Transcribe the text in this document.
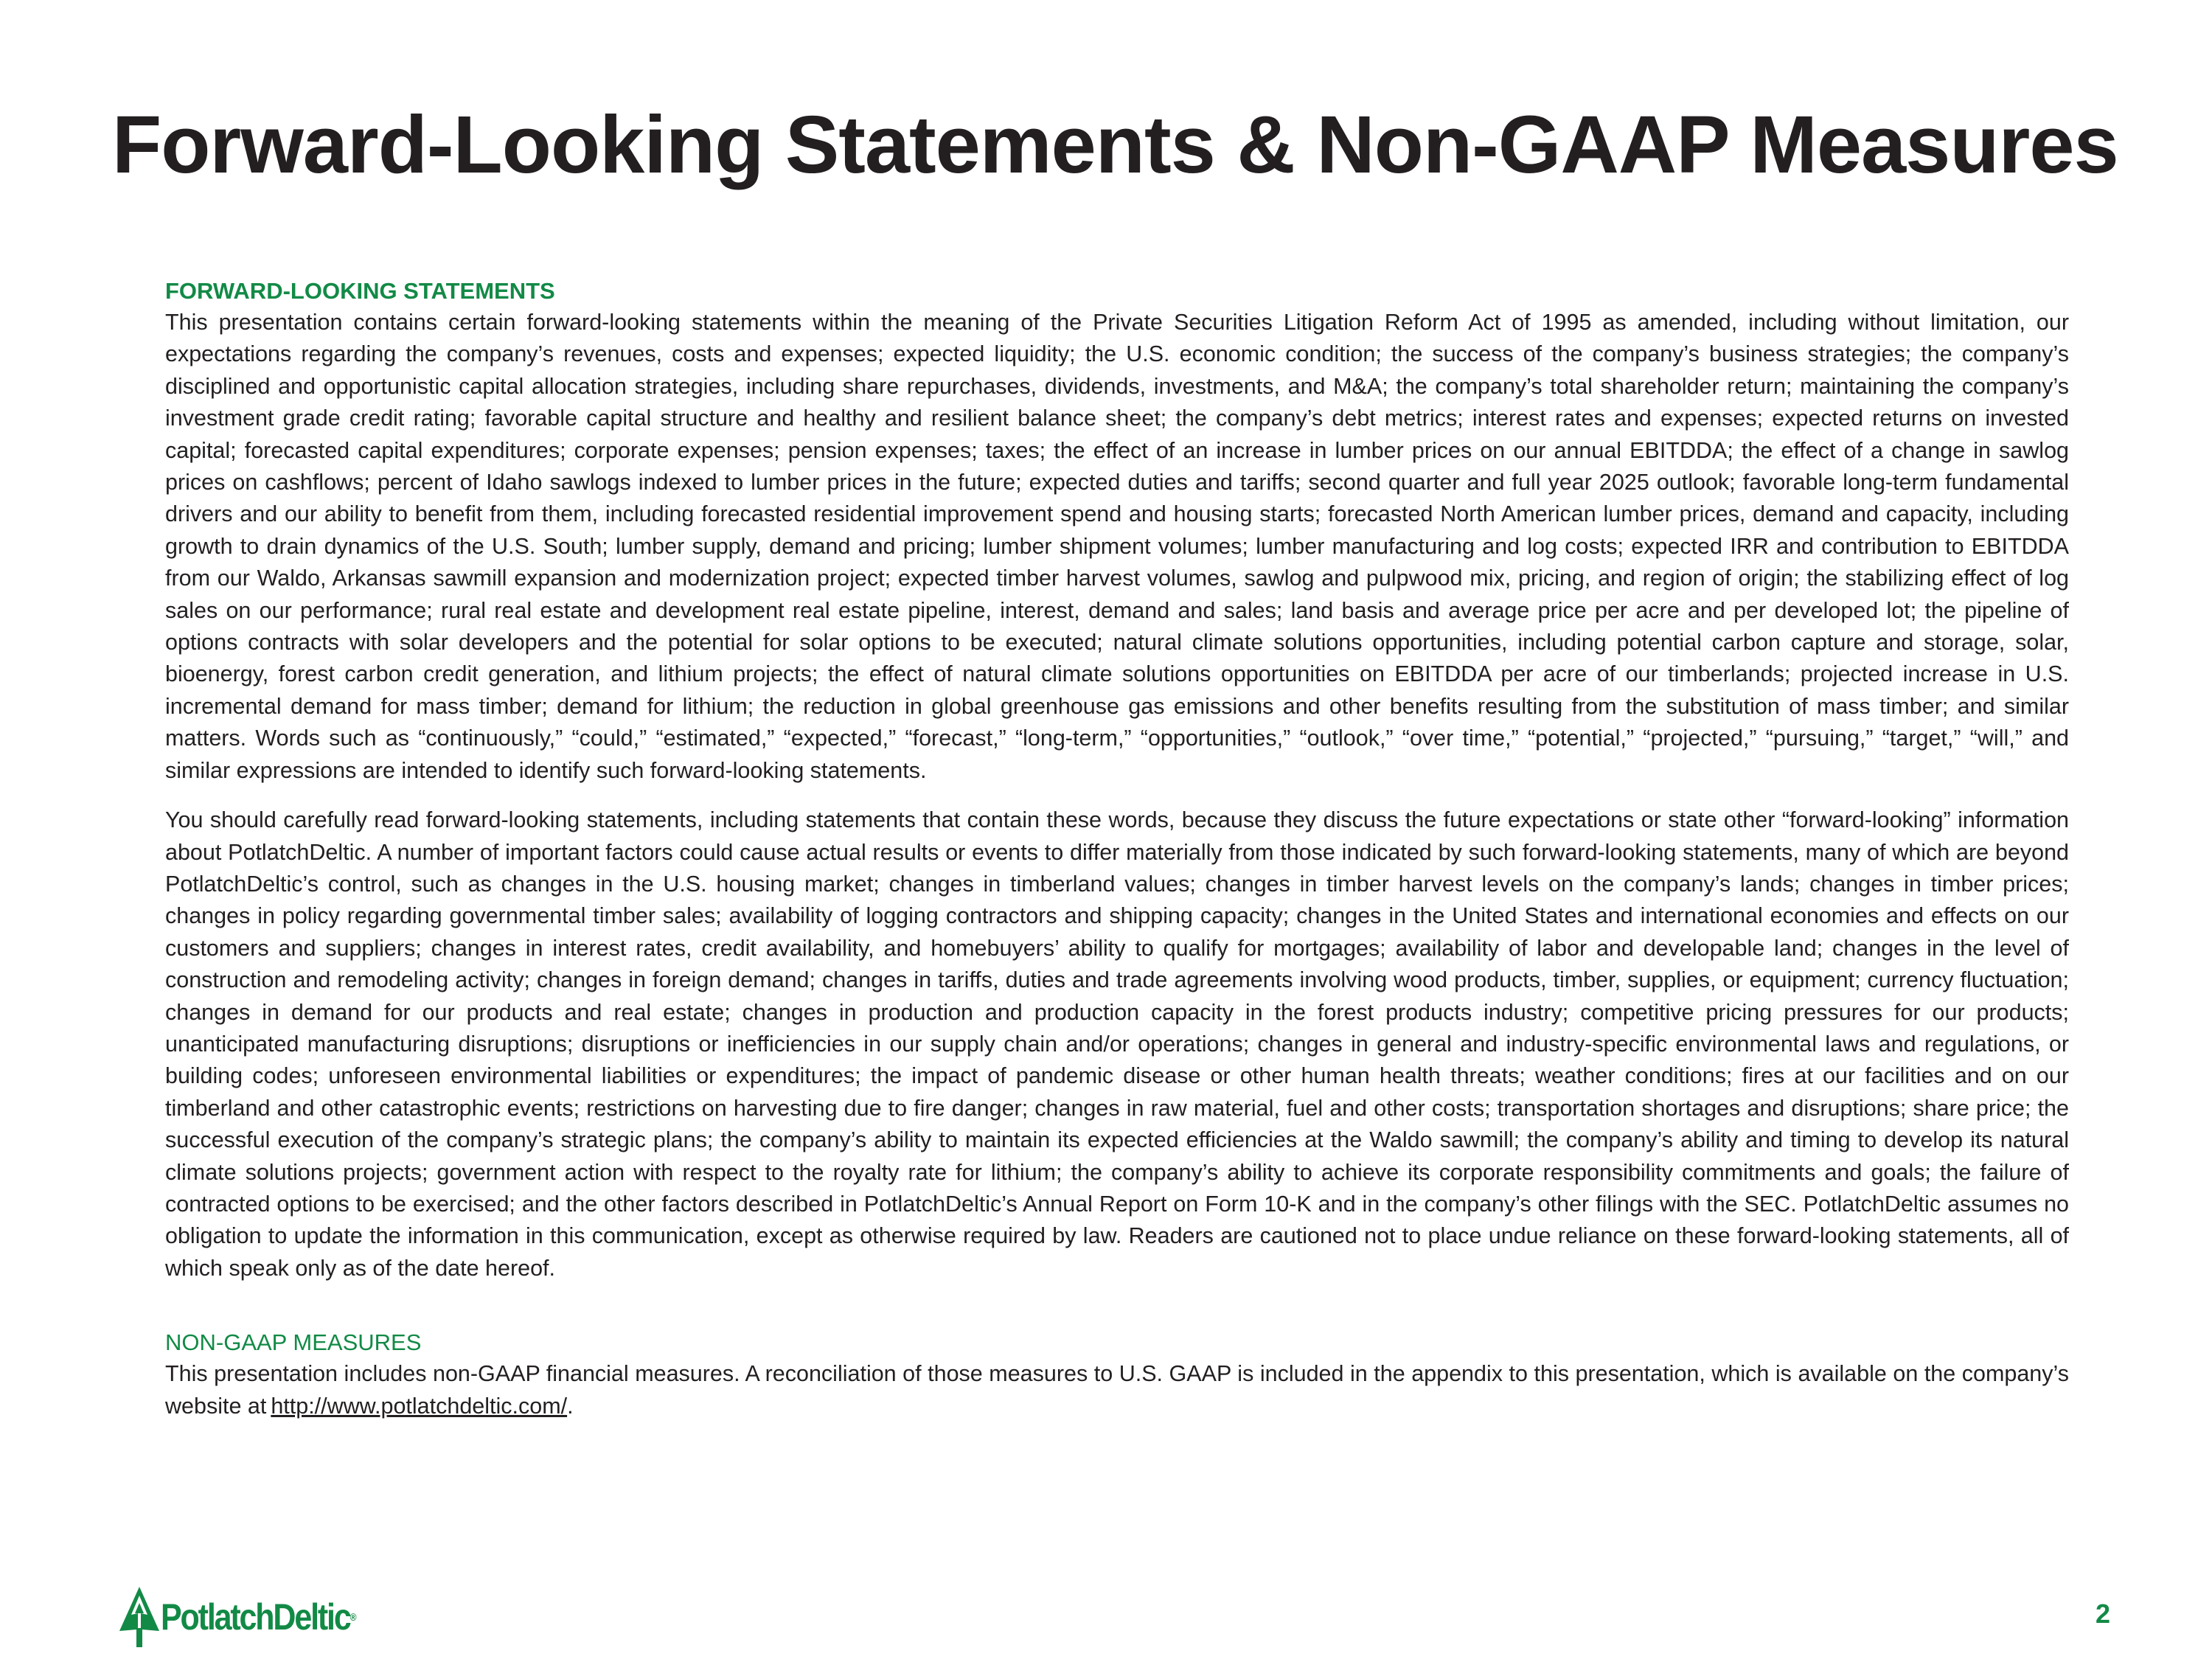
Forward-Looking Statements & Non-GAAP Measures
FORWARD-LOOKING STATEMENTS

This presentation contains certain forward-looking statements within the meaning of the Private Securities Litigation Reform Act of 1995 as amended, including without limitation, our expectations regarding the company’s revenues, costs and expenses; expected liquidity; the U.S. economic condition; the success of the company’s business strategies; the company’s disciplined and opportunistic capital allocation strategies, including share repurchases, dividends, investments, and M&A; the company’s total shareholder return; maintaining the company’s investment grade credit rating; favorable capital structure and healthy and resilient balance sheet; the company’s debt metrics; interest rates and expenses; expected returns on invested capital; forecasted capital expenditures; corporate expenses; pension expenses; taxes; the effect of an increase in lumber prices on our annual EBITDDA; the effect of a change in sawlog prices on cashflows; percent of Idaho sawlogs indexed to lumber prices in the future; expected duties and tariffs; second quarter and full year 2025 outlook; favorable long-term fundamental drivers and our ability to benefit from them, including forecasted residential improvement spend and housing starts; forecasted North American lumber prices, demand and capacity, including growth to drain dynamics of the U.S. South; lumber supply, demand and pricing; lumber shipment volumes; lumber manufacturing and log costs; expected IRR and contribution to EBITDDA from our Waldo, Arkansas sawmill expansion and modernization project; expected timber harvest volumes, sawlog and pulpwood mix, pricing, and region of origin; the stabilizing effect of log sales on our performance; rural real estate and development real estate pipeline, interest, demand and sales; land basis and average price per acre and per developed lot; the pipeline of options contracts with solar developers and the potential for solar options to be executed; natural climate solutions opportunities, including potential carbon capture and storage, solar, bioenergy, forest carbon credit generation, and lithium projects; the effect of natural climate solutions opportunities on EBITDDA per acre of our timberlands; projected increase in U.S. incremental demand for mass timber; demand for lithium; the reduction in global greenhouse gas emissions and other benefits resulting from the substitution of mass timber; and similar matters. Words such as “continuously,” “could,” “estimated,” “expected,” “forecast,” “long-term,” “opportunities,” “outlook,” “over time,” “potential,” “projected,” “pursuing,” “target,” “will,” and similar expressions are intended to identify such forward-looking statements.

You should carefully read forward-looking statements, including statements that contain these words, because they discuss the future expectations or state other “forward-looking” information about PotlatchDeltic. A number of important factors could cause actual results or events to differ materially from those indicated by such forward-looking statements, many of which are beyond PotlatchDeltic’s control, such as changes in the U.S. housing market; changes in timberland values; changes in timber harvest levels on the company’s lands; changes in timber prices; changes in policy regarding governmental timber sales; availability of logging contractors and shipping capacity; changes in the United States and international economies and effects on our customers and suppliers; changes in interest rates, credit availability, and homebuyers’ ability to qualify for mortgages; availability of labor and developable land; changes in the level of construction and remodeling activity; changes in foreign demand; changes in tariffs, duties and trade agreements involving wood products, timber, supplies, or equipment; currency fluctuation; changes in demand for our products and real estate; changes in production and production capacity in the forest products industry; competitive pricing pressures for our products; unanticipated manufacturing disruptions; disruptions or inefficiencies in our supply chain and/or operations; changes in general and industry-specific environmental laws and regulations, or building codes; unforeseen environmental liabilities or expenditures; the impact of pandemic disease or other human health threats; weather conditions; fires at our facilities and on our timberland and other catastrophic events; restrictions on harvesting due to fire danger; changes in raw material, fuel and other costs; transportation shortages and disruptions; share price; the successful execution of the company’s strategic plans; the company’s ability to maintain its expected efficiencies at the Waldo sawmill; the company’s ability and timing to develop its natural climate solutions projects; government action with respect to the royalty rate for lithium; the company’s ability to achieve its corporate responsibility commitments and goals; the failure of contracted options to be exercised; and the other factors described in PotlatchDeltic’s Annual Report on Form 10-K and in the company’s other filings with the SEC. PotlatchDeltic assumes no obligation to update the information in this communication, except as otherwise required by law. Readers are cautioned not to place undue reliance on these forward-looking statements, all of which speak only as of the date hereof.

NON-GAAP MEASURES

This presentation includes non-GAAP financial measures. A reconciliation of those measures to U.S. GAAP is included in the appendix to this presentation, which is available on the company’s website at http://www.potlatchdeltic.com/.

PotlatchDeltic®	2
